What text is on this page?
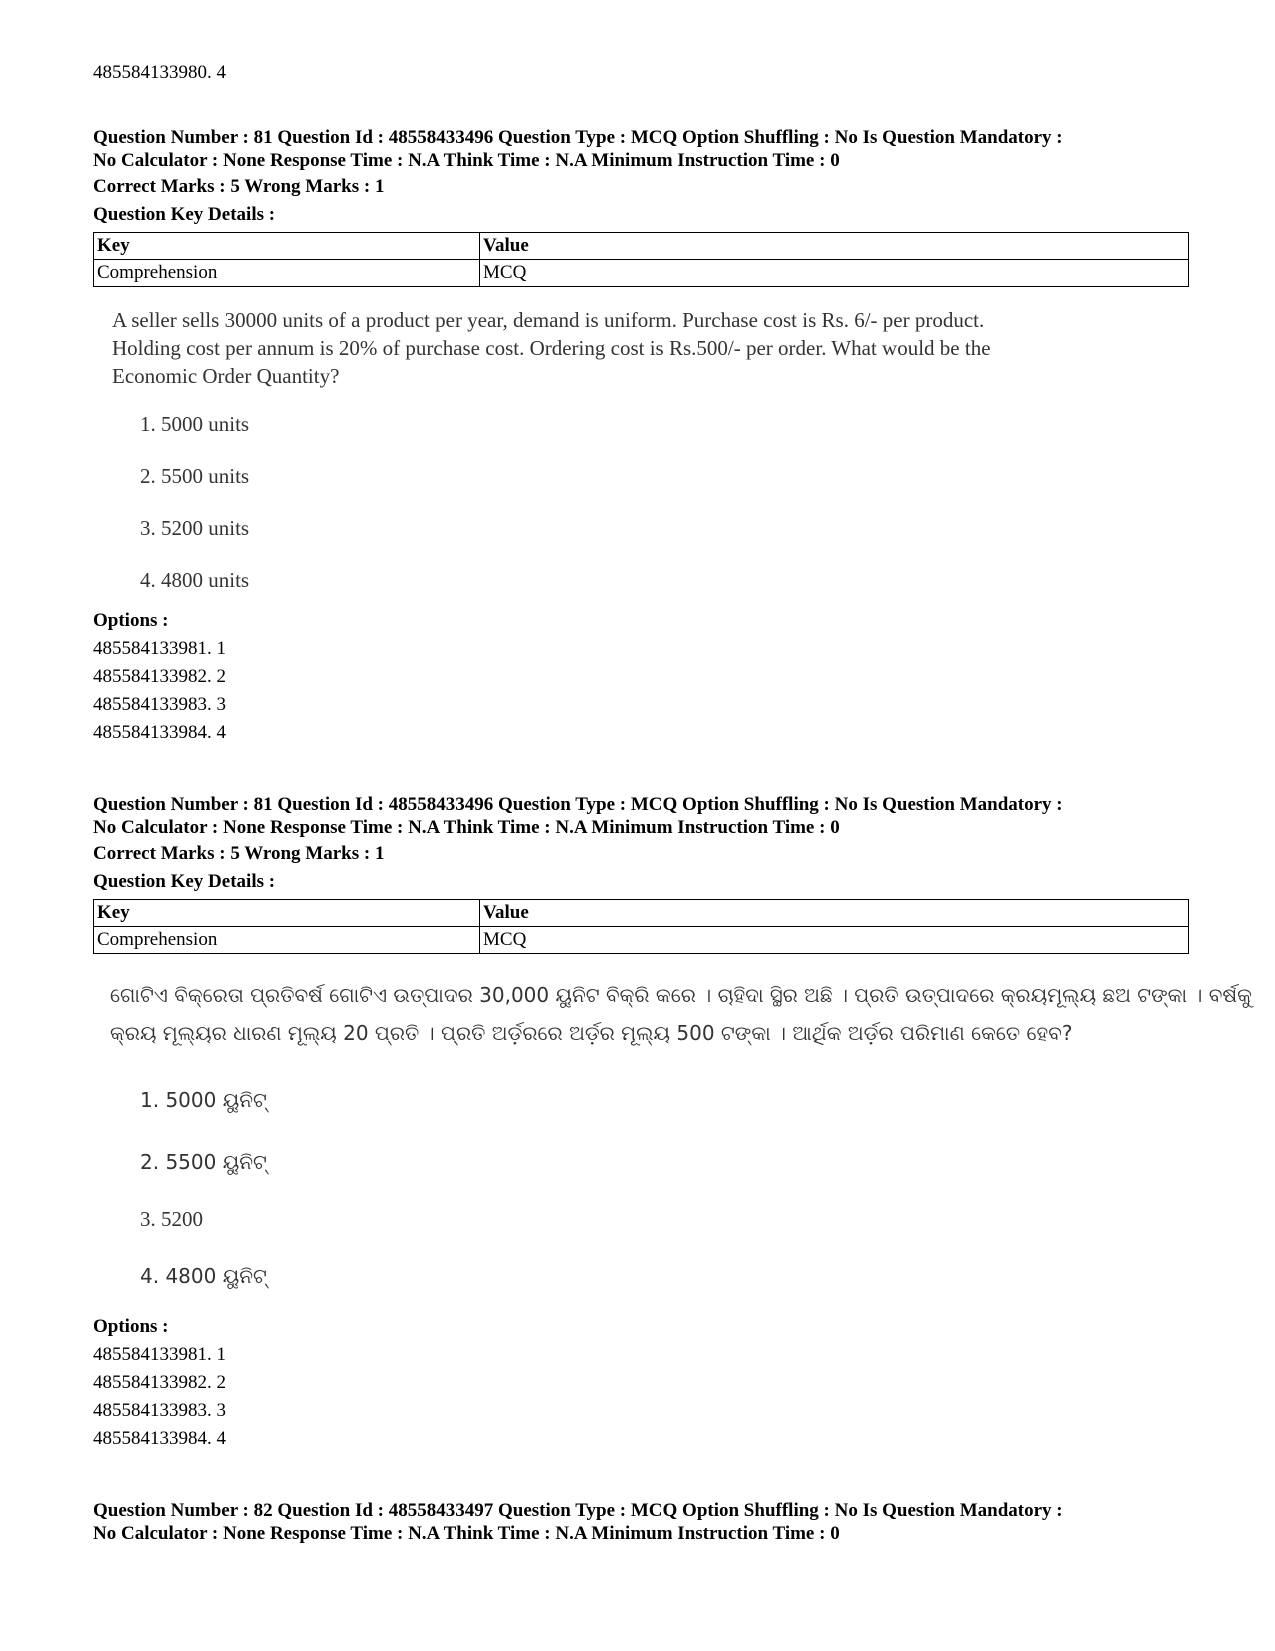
485584133980. 4
Question Number : 81 Question Id : 48558433496 Question Type : MCQ Option Shuffling : No Is Question Mandatory :
No Calculator : None Response Time : N.A Think Time : N.A Minimum Instruction Time : 0
Correct Marks : 5 Wrong Marks : 1
Question Key Details :
Key	Value
Comprehension	MCQ
A seller sells 30000 units of a product per year, demand is uniform. Purchase cost is Rs. 6/- per product.
Holding cost per annum is 20% of purchase cost. Ordering cost is Rs.500/- per order. What would be the
Economic Order Quantity?
1. 5000 units
2. 5500 units
3. 5200 units
4. 4800 units
Options :
485584133981. 1
485584133982. 2
485584133983. 3
485584133984. 4
Question Number : 81 Question Id : 48558433496 Question Type : MCQ Option Shuffling : No Is Question Mandatory :
No Calculator : None Response Time : N.A Think Time : N.A Minimum Instruction Time : 0
Correct Marks : 5 Wrong Marks : 1
Question Key Details :
Key	Value
Comprehension	MCQ
ଗୋଟିଏ ବିକ୍ରେତା ପ୍ରତିବର୍ଷ ଗୋଟିଏ ଉତ୍ପାଦର 30,000 ୟୁନିଟ ବିକ୍ରି କରେ । ଚାହିଦା ସ୍ଥିର ଅଛି । ପ୍ରତି ଉତ୍ପାଦରେ କ୍ରୟମୂଲ୍ୟ ଛଅ ଟଙ୍କା । ବର୍ଷକୁ
କ୍ରୟ ମୂଲ୍ୟର ଧାରଣ ମୂଲ୍ୟ 20 ପ୍ରତି । ପ୍ରତି ଅର୍ଡ଼ରରେ ଅର୍ଡ଼ର ମୂଲ୍ୟ 500 ଟଙ୍କା । ଆର୍ଥିକ ଅର୍ଡ଼ର ପରିମାଣ କେତେ ହେବ?
1. 5000 ୟୁନିଟ୍
2. 5500 ୟୁନିଟ୍
3. 5200
4. 4800 ୟୁନିଟ୍
Options :
485584133981. 1
485584133982. 2
485584133983. 3
485584133984. 4
Question Number : 82 Question Id : 48558433497 Question Type : MCQ Option Shuffling : No Is Question Mandatory :
No Calculator : None Response Time : N.A Think Time : N.A Minimum Instruction Time : 0
